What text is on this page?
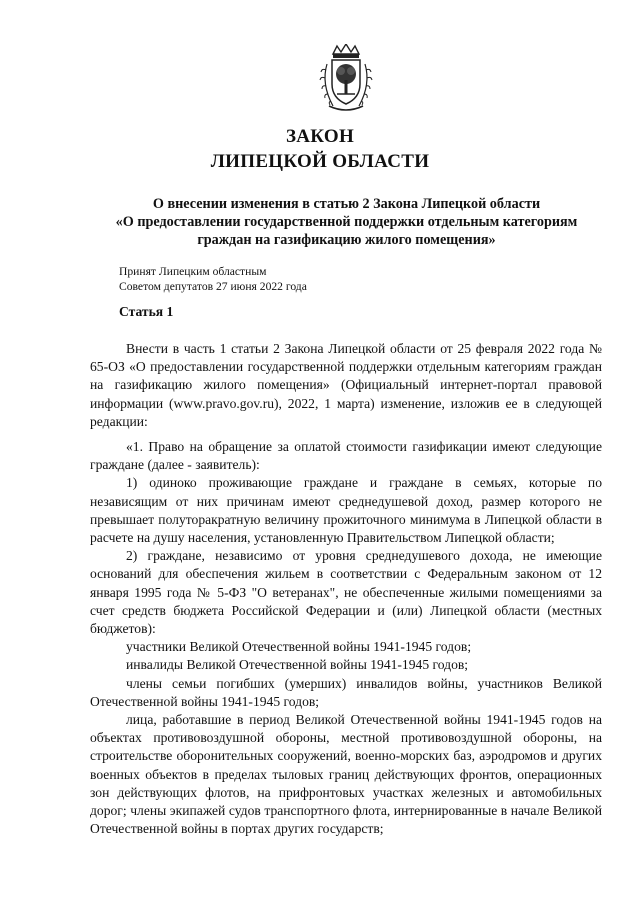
ЗАКОН
ЛИПЕЦКОЙ ОБЛАСТИ
О внесении изменения в статью 2 Закона Липецкой области
«О предоставлении государственной поддержки отдельным категориям
граждан на газификацию жилого помещения»
Принят Липецким областным
Советом депутатов 27 июня 2022 года
Статья 1

Внести в часть 1 статьи 2 Закона Липецкой области от 25 февраля 2022 года № 65-ОЗ «О предоставлении государственной поддержки отдельным категориям граждан на газификацию жилого помещения» (Официальный интернет-портал правовой информации (www.pravo.gov.ru), 2022, 1 марта) изменение, изложив ее в следующей редакции:

«1. Право на обращение за оплатой стоимости газификации имеют следующие граждане (далее - заявитель):

1) одиноко проживающие граждане и граждане в семьях, которые по независящим от них причинам имеют среднедушевой доход, размер которого не превышает полуторакратную величину прожиточного минимума в Липецкой области в расчете на душу населения, установленную Правительством Липецкой области;

2) граждане, независимо от уровня среднедушевого дохода, не имеющие оснований для обеспечения жильем в соответствии с Федеральным законом от 12 января 1995 года № 5-ФЗ "О ветеранах", не обеспеченные жилыми помещениями за счет средств бюджета Российской Федерации и (или) Липецкой области (местных бюджетов):

участники Великой Отечественной войны 1941-1945 годов;

инвалиды Великой Отечественной войны 1941-1945 годов;

члены семьи погибших (умерших) инвалидов войны, участников Великой Отечественной войны 1941-1945 годов;

лица, работавшие в период Великой Отечественной войны 1941-1945 годов на объектах противовоздушной обороны, местной противовоздушной обороны, на строительстве оборонительных сооружений, военно-морских баз, аэродромов и других военных объектов в пределах тыловых границ действующих фронтов, операционных зон действующих флотов, на прифронтовых участках железных и автомобильных дорог; члены экипажей судов транспортного флота, интернированные в начале Великой Отечественной войны в портах других государств;
